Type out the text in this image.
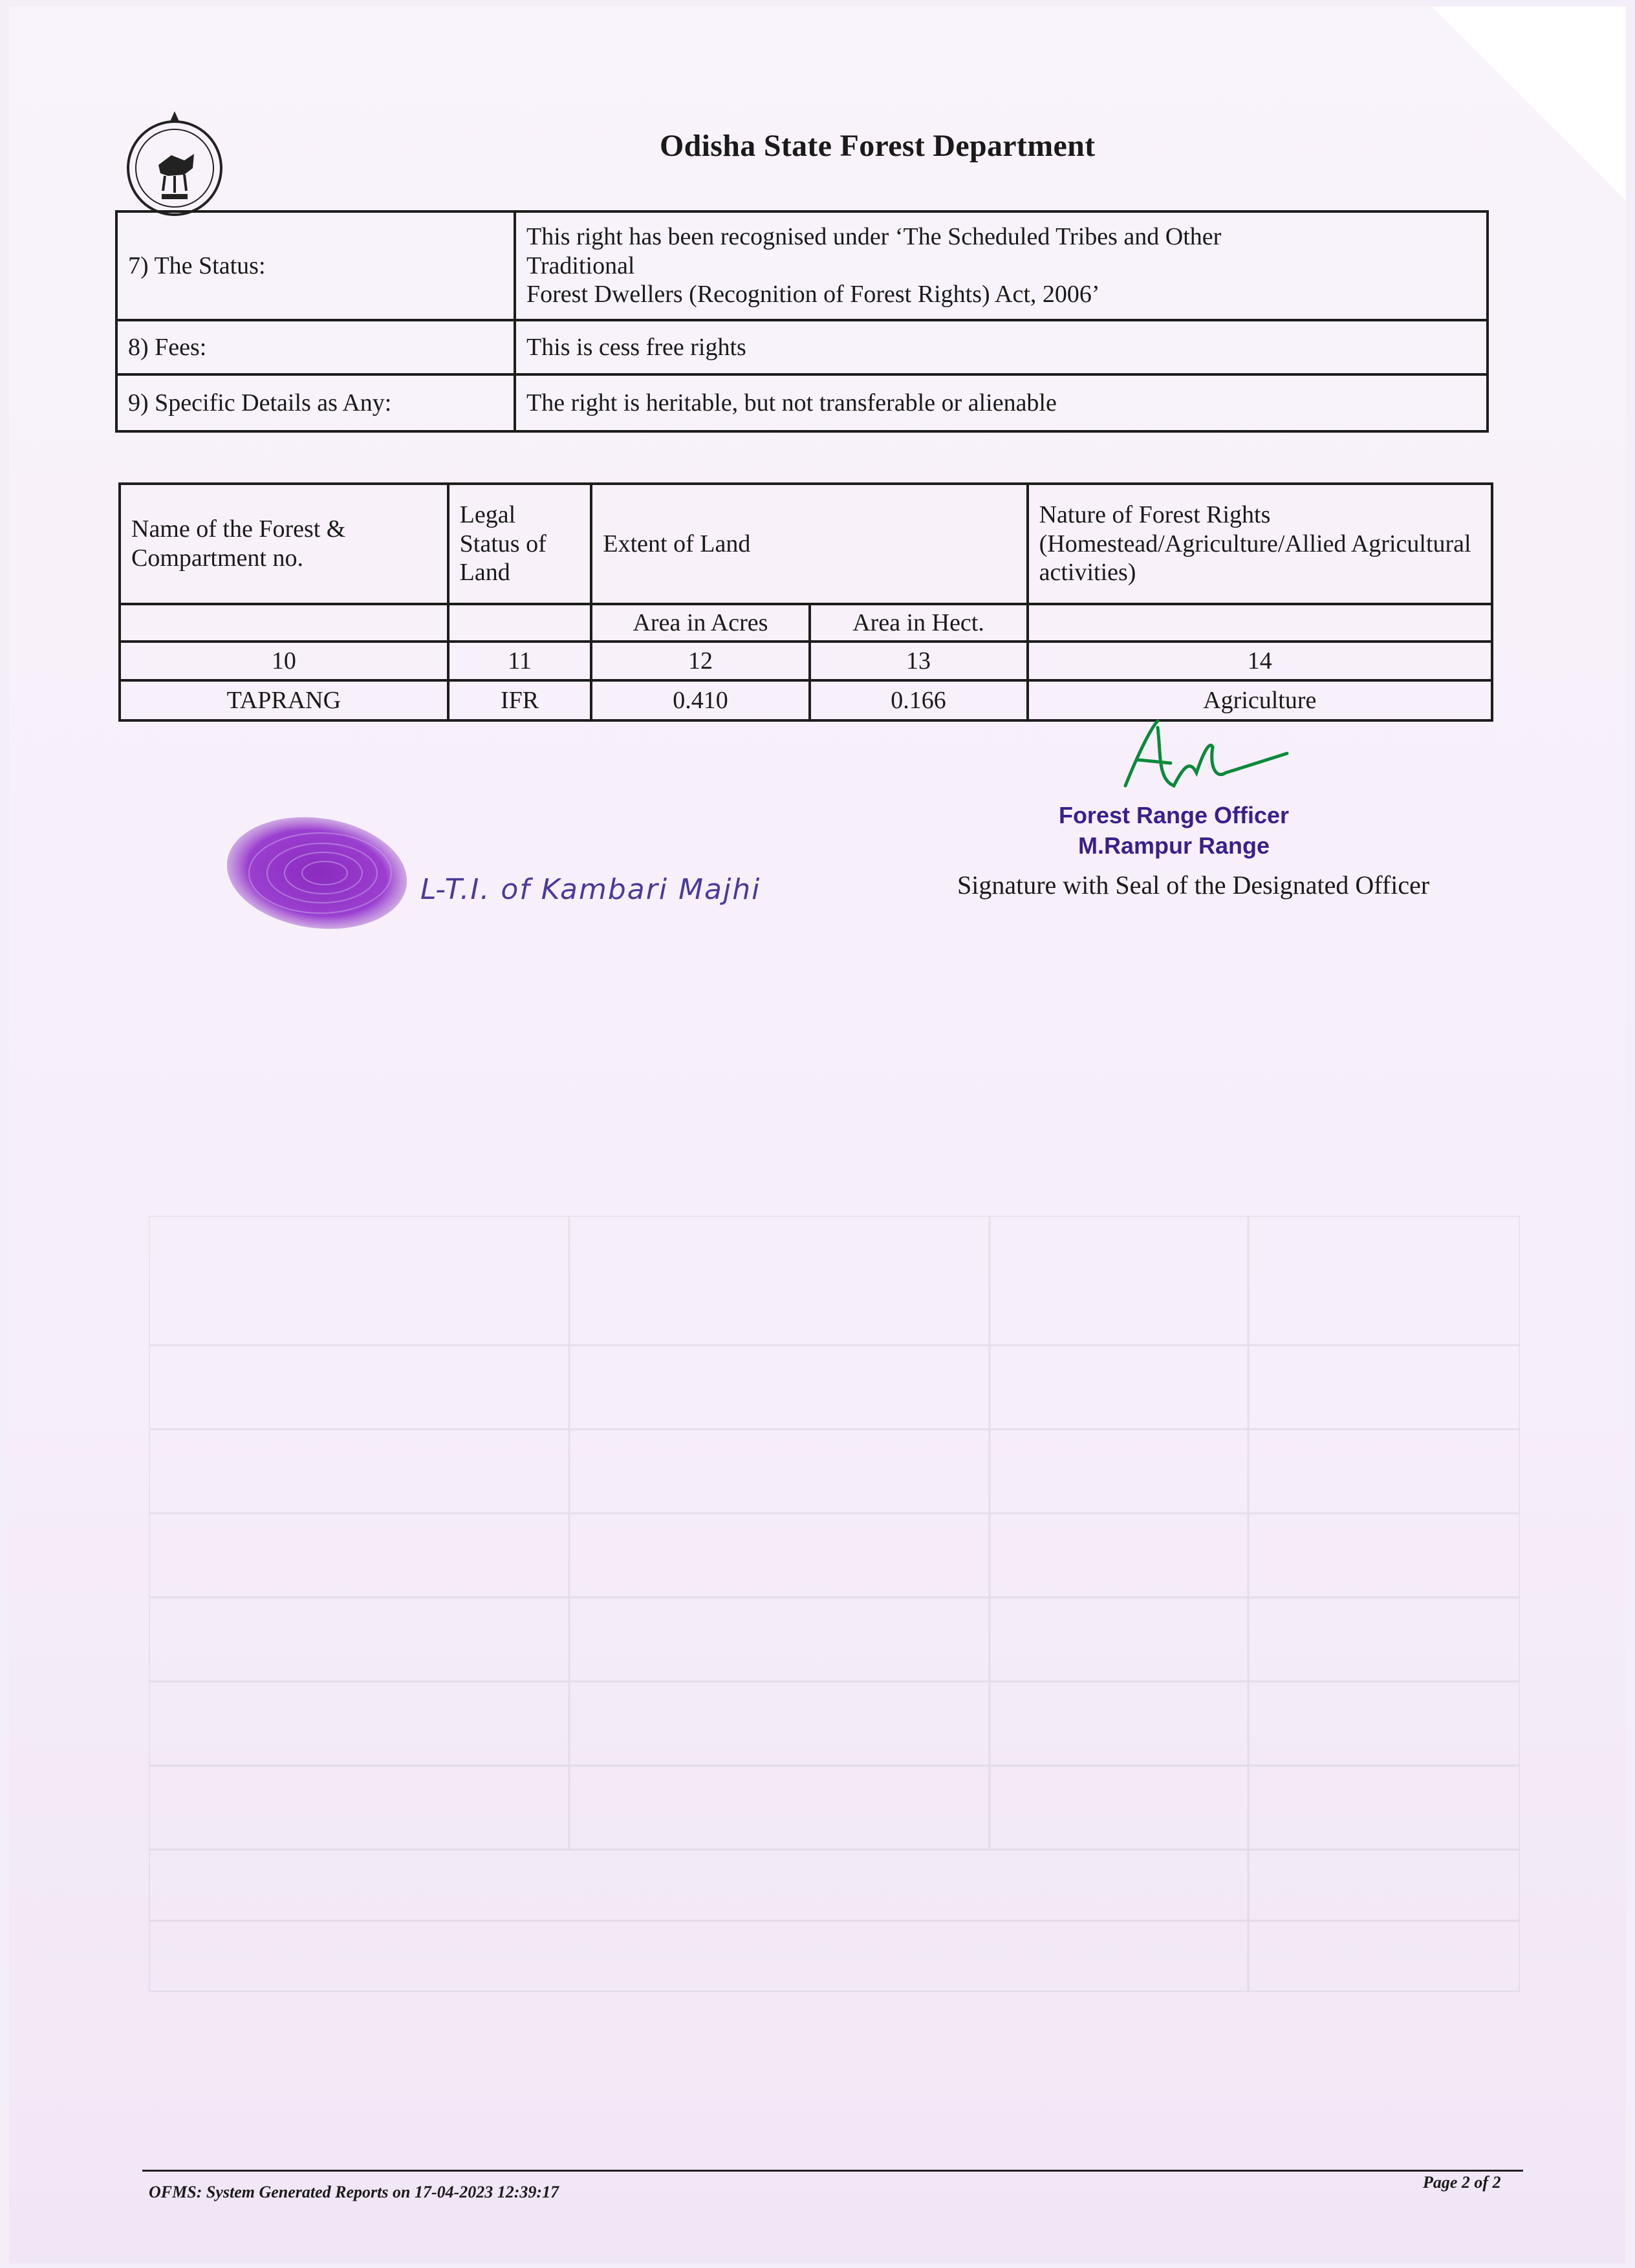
Odisha State Forest Department
7) The Status:	This right has been recognised under ‘The Scheduled Tribes and Other
Traditional
Forest Dwellers (Recognition of Forest Rights) Act, 2006’

8) Fees:	This is cess free rights
9) Specific Details as Any:	The right is heritable, but not transferable or alienable
Name of the Forest & Compartment no.	Legal Status of Land	Extent of Land		Nature of Forest Rights (Homestead/Agriculture/Allied Agricultural activities)
		Area in Acres	Area in Hect.	
10	11	12	13	14
TAPRANG	IFR	0.410	0.166	Agriculture
Forest Range Officer
M.Rampur Range
Signature with Seal of the Designated Officer
L-T.I. of Kambari Majhi
OFMS: System Generated Reports on 17-04-2023 12:39:17
Page 2 of 2
